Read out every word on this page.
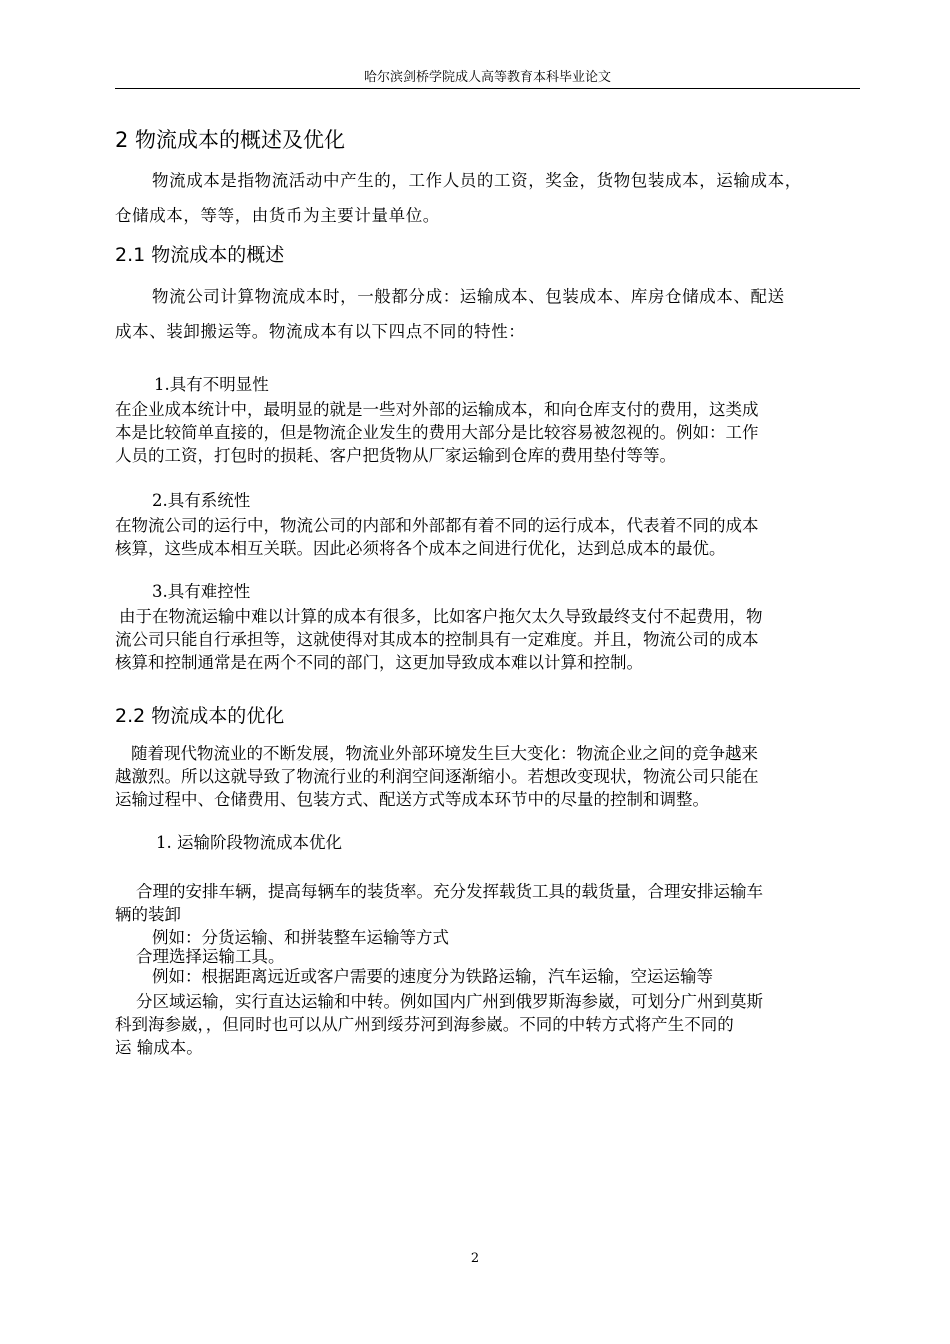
哈尔滨剑桥学院成人高等教育本科毕业论文
2 物流成本的概述及优化
物流成本是指物流活动中产生的，工作人员的工资，奖金，货物包装成本，运输成本，
仓储成本，等等，由货币为主要计量单位。
2.1 物流成本的概述
物流公司计算物流成本时，一般都分成：运输成本、包装成本、库房仓储成本、配送
成本、装卸搬运等。物流成本有以下四点不同的特性：
1.具有不明显性
在企业成本统计中，最明显的就是一些对外部的运输成本，和向仓库支付的费用，这类成
本是比较简单直接的，但是物流企业发生的费用大部分是比较容易被忽视的。例如：工作
人员的工资，打包时的损耗、客户把货物从厂家运输到仓库的费用垫付等等。
2.具有系统性
在物流公司的运行中，物流公司的内部和外部都有着不同的运行成本，代表着不同的成本
核算，这些成本相互关联。因此必须将各个成本之间进行优化，达到总成本的最优。
3.具有难控性
由于在物流运输中难以计算的成本有很多，比如客户拖欠太久导致最终支付不起费用，物
流公司只能自行承担等，这就使得对其成本的控制具有一定难度。并且，物流公司的成本
核算和控制通常是在两个不同的部门，这更加导致成本难以计算和控制。
2.2 物流成本的优化
随着现代物流业的不断发展，物流业外部环境发生巨大变化：物流企业之间的竞争越来
越激烈。所以这就导致了物流行业的利润空间逐渐缩小。若想改变现状，物流公司只能在
运输过程中、仓储费用、包装方式、配送方式等成本环节中的尽量的控制和调整。
1. 运输阶段物流成本优化
合理的安排车辆，提高每辆车的装货率。充分发挥载货工具的载货量，合理安排运输车
辆的装卸
例如：分货运输、和拼装整车运输等方式
合理选择运输工具。
例如：根据距离远近或客户需要的速度分为铁路运输，汽车运输，空运运输等
分区域运输，实行直达运输和中转。例如国内广州到俄罗斯海参崴，可划分广州到莫斯
科到海参崴，，但同时也可以从广州到绥芬河到海参崴。不同的中转方式将产生不同的
运 输成本。
2
